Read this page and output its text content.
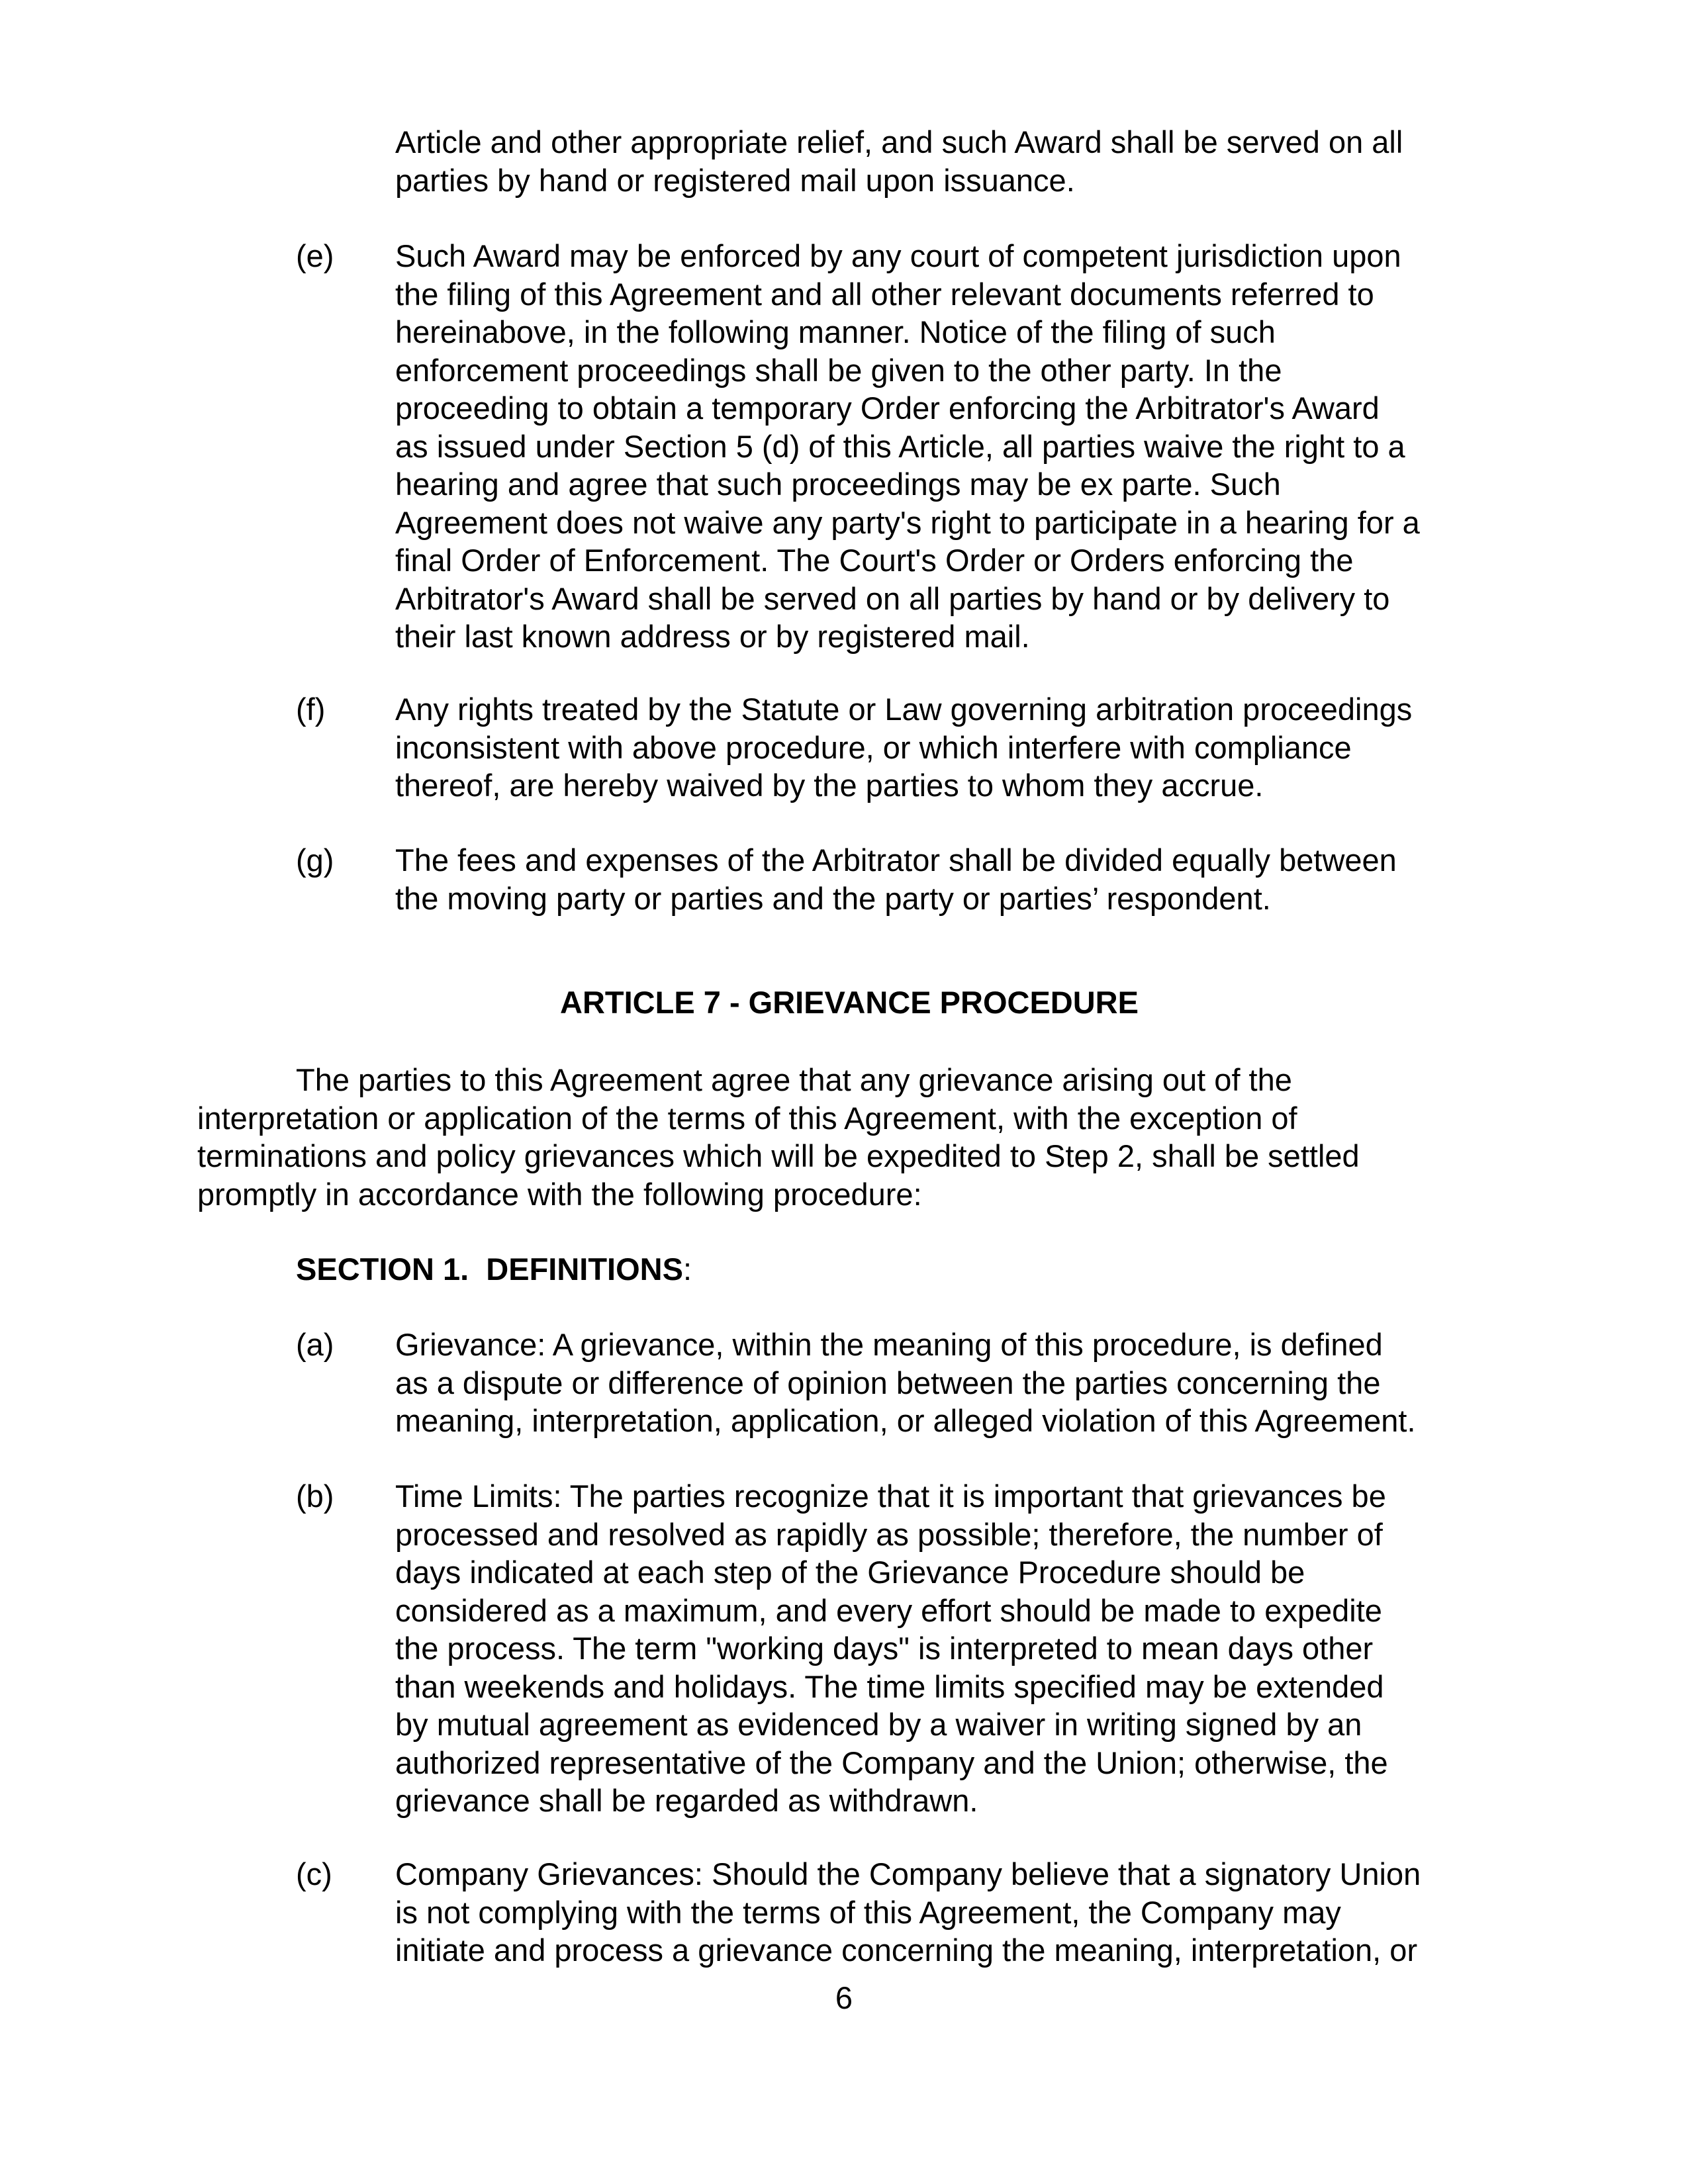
Article and other appropriate relief, and such Award shall be served on all
parties by hand or registered mail upon issuance.
(e) Such Award may be enforced by any court of competent jurisdiction upon
the filing of this Agreement and all other relevant documents referred to
hereinabove, in the following manner. Notice of the filing of such
enforcement proceedings shall be given to the other party. In the
proceeding to obtain a temporary Order enforcing the Arbitrator's Award
as issued under Section 5 (d) of this Article, all parties waive the right to a
hearing and agree that such proceedings may be ex parte. Such
Agreement does not waive any party's right to participate in a hearing for a
final Order of Enforcement. The Court's Order or Orders enforcing the
Arbitrator's Award shall be served on all parties by hand or by delivery to
their last known address or by registered mail.
(f) Any rights treated by the Statute or Law governing arbitration proceedings
inconsistent with above procedure, or which interfere with compliance
thereof, are hereby waived by the parties to whom they accrue.
(g) The fees and expenses of the Arbitrator shall be divided equally between
the moving party or parties and the party or parties’ respondent.
ARTICLE 7 - GRIEVANCE PROCEDURE
The parties to this Agreement agree that any grievance arising out of the
interpretation or application of the terms of this Agreement, with the exception of
terminations and policy grievances which will be expedited to Step 2, shall be settled
promptly in accordance with the following procedure:
SECTION 1.  DEFINITIONS:
(a) Grievance: A grievance, within the meaning of this procedure, is defined
as a dispute or difference of opinion between the parties concerning the
meaning, interpretation, application, or alleged violation of this Agreement.
(b) Time Limits: The parties recognize that it is important that grievances be
processed and resolved as rapidly as possible; therefore, the number of
days indicated at each step of the Grievance Procedure should be
considered as a maximum, and every effort should be made to expedite
the process. The term "working days" is interpreted to mean days other
than weekends and holidays. The time limits specified may be extended
by mutual agreement as evidenced by a waiver in writing signed by an
authorized representative of the Company and the Union; otherwise, the
grievance shall be regarded as withdrawn.
(c) Company Grievances: Should the Company believe that a signatory Union
is not complying with the terms of this Agreement, the Company may
initiate and process a grievance concerning the meaning, interpretation, or
6
